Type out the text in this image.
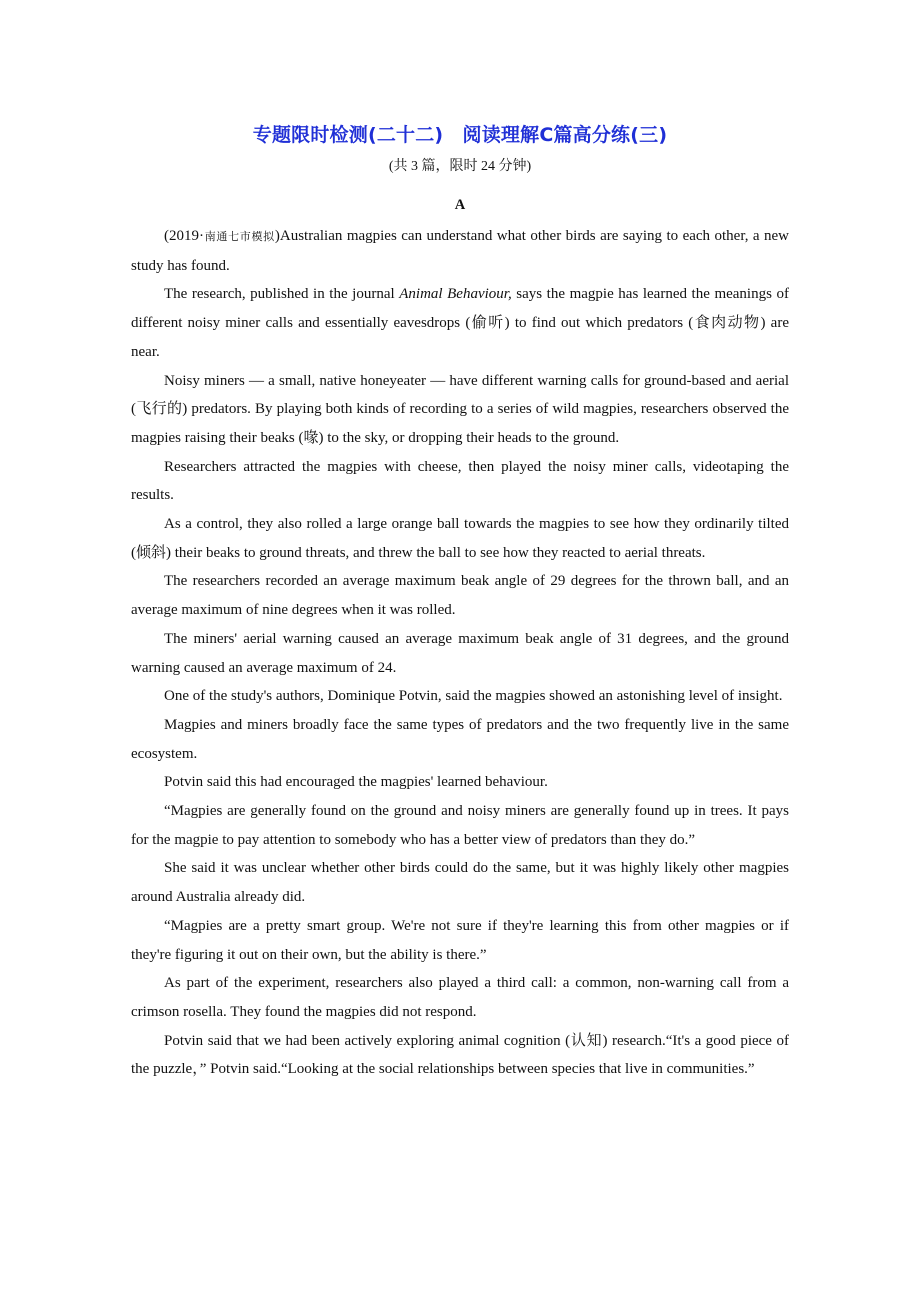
专题限时检测(二十二)　阅读理解C篇高分练(三)
(共 3 篇，限时 24 分钟)
A

(2019·南通七市模拟)Australian magpies can understand what other birds are saying to each other, a new study has found.

The research, published in the journal Animal Behaviour, says the magpie has learned the meanings of different noisy miner calls and essentially eavesdrops (偷听) to find out which predators (食肉动物) are near.

Noisy miners — a small, native honeyeater — have different warning calls for ground-based and aerial (飞行的) predators. By playing both kinds of recording to a series of wild magpies, researchers observed the magpies raising their beaks (喙) to the sky, or dropping their heads to the ground.

Researchers attracted the magpies with cheese, then played the noisy miner calls, videotaping the results.

As a control, they also rolled a large orange ball towards the magpies to see how they ordinarily tilted (倾斜) their beaks to ground threats, and threw the ball to see how they reacted to aerial threats.

The researchers recorded an average maximum beak angle of 29 degrees for the thrown ball, and an average maximum of nine degrees when it was rolled.

The miners' aerial warning caused an average maximum beak angle of 31 degrees, and the ground warning caused an average maximum of 24.

One of the study's authors, Dominique Potvin, said the magpies showed an astonishing level of insight.

Magpies and miners broadly face the same types of predators and the two frequently live in the same ecosystem.

Potvin said this had encouraged the magpies' learned behaviour.

“Magpies are generally found on the ground and noisy miners are generally found up in trees. It pays for the magpie to pay attention to somebody who has a better view of predators than they do.”

She said it was unclear whether other birds could do the same, but it was highly likely other magpies around Australia already did.

“Magpies are a pretty smart group. We're not sure if they're learning this from other magpies or if they're figuring it out on their own, but the ability is there.”

As part of the experiment, researchers also played a third call: a common, non-warning call from a crimson rosella. They found the magpies did not respond.

Potvin said that we had been actively exploring animal cognition (认知) research.“It's a good piece of the puzzle，” Potvin said.“Looking at the social relationships between species that live in communities.”
